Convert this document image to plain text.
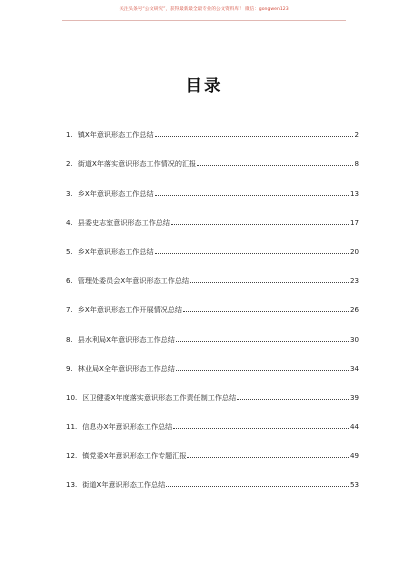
关注头条号“公文研究”，获得最新最全最专业的公文资料库！ 微信：gongwen123
目录
1. 镇X年意识形态工作总结	2
2. 街道X年落实意识形态工作情况的汇报	8
3. 乡X年意识形态工作总结	13
4. 县委史志室意识形态工作总结	17
5. 乡X年意识形态工作总结	20
6. 管理处委员会X年意识形态工作总结	23
7. 乡X年意识形态工作开展情况总结	26
8. 县水利局X年意识形态工作总结	30
9. 林业局X全年意识形态工作总结	34
10. 区卫健委X年度落实意识形态工作责任制工作总结	39
11. 信息办X年意识形态工作总结	44
12. 镇党委X年意识形态工作专题汇报	49
13. 街道X年意识形态工作总结	53
